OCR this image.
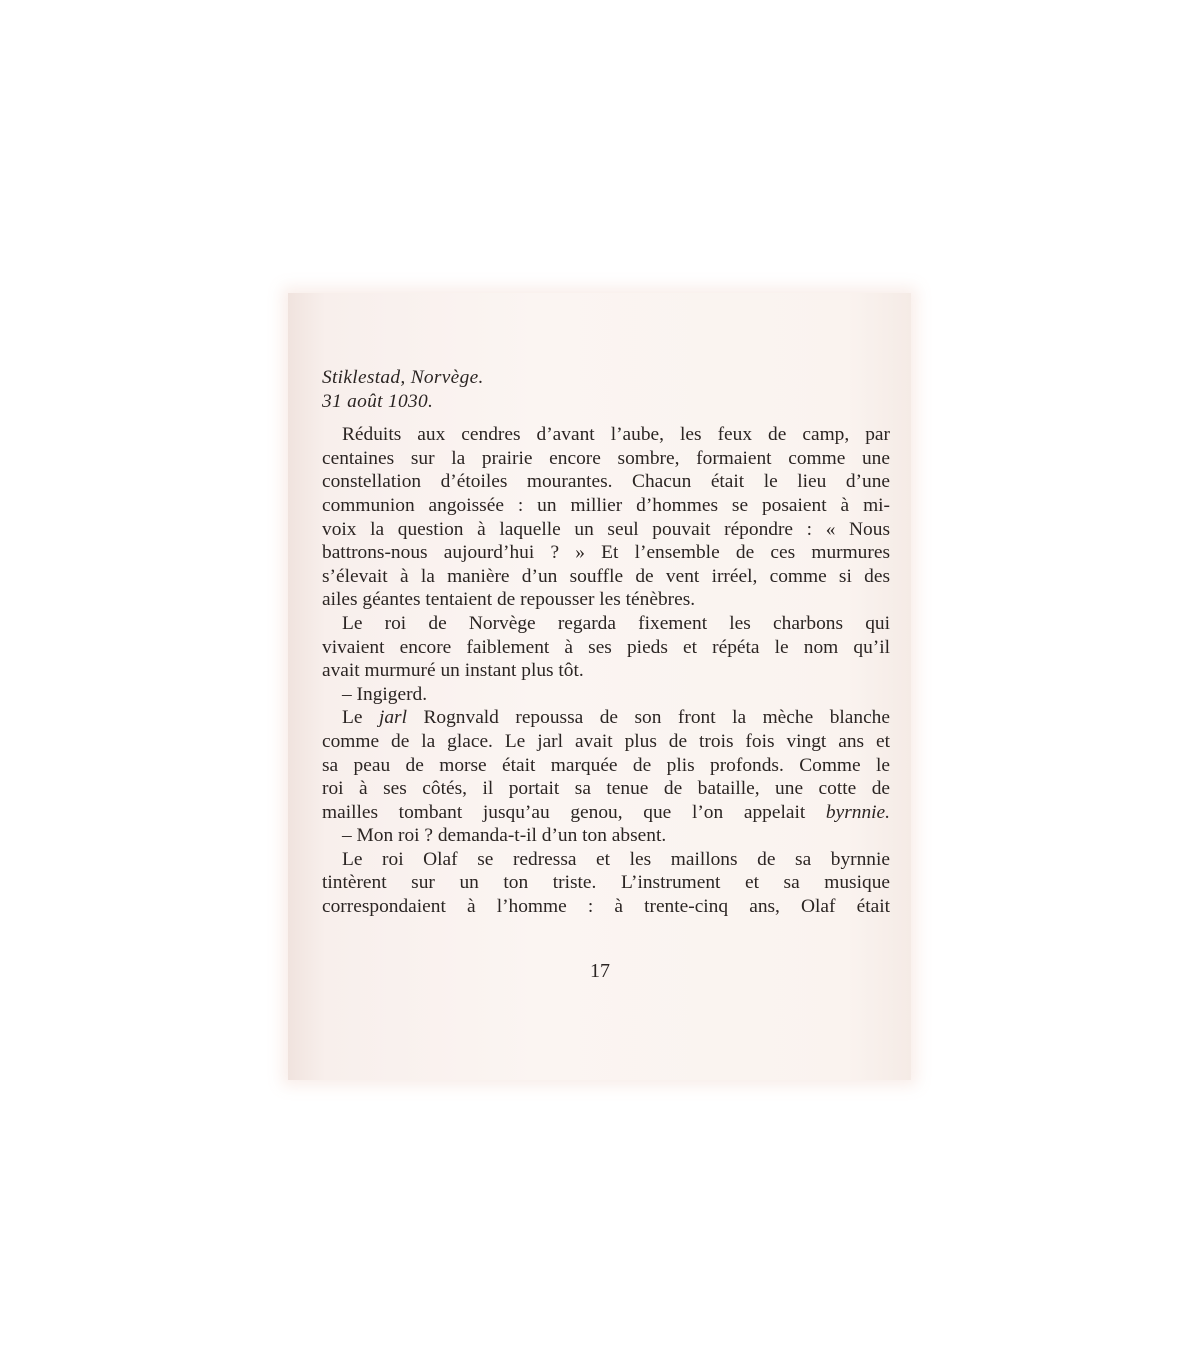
Stiklestad, Norvège.
31 août 1030.
Réduits aux cendres d’avant l’aube, les feux de camp, par
centaines sur la prairie encore sombre, formaient comme une
constellation d’étoiles mourantes. Chacun était le lieu d’une
communion angoissée : un millier d’hommes se posaient à mi-
voix la question à laquelle un seul pouvait répondre : « Nous
battrons-nous aujourd’hui ? » Et l’ensemble de ces murmures
s’élevait à la manière d’un souffle de vent irréel, comme si des
ailes géantes tentaient de repousser les ténèbres.
Le roi de Norvège regarda fixement les charbons qui
vivaient encore faiblement à ses pieds et répéta le nom qu’il
avait murmuré un instant plus tôt.
– Ingigerd.
Le jarl Rognvald repoussa de son front la mèche blanche
comme de la glace. Le jarl avait plus de trois fois vingt ans et
sa peau de morse était marquée de plis profonds. Comme le
roi à ses côtés, il portait sa tenue de bataille, une cotte de
mailles tombant jusqu’au genou, que l’on appelait byrnnie.
– Mon roi ? demanda-t-il d’un ton absent.
Le roi Olaf se redressa et les maillons de sa byrnnie
tintèrent sur un ton triste. L’instrument et sa musique
correspondaient à l’homme : à trente-cinq ans, Olaf était
17
